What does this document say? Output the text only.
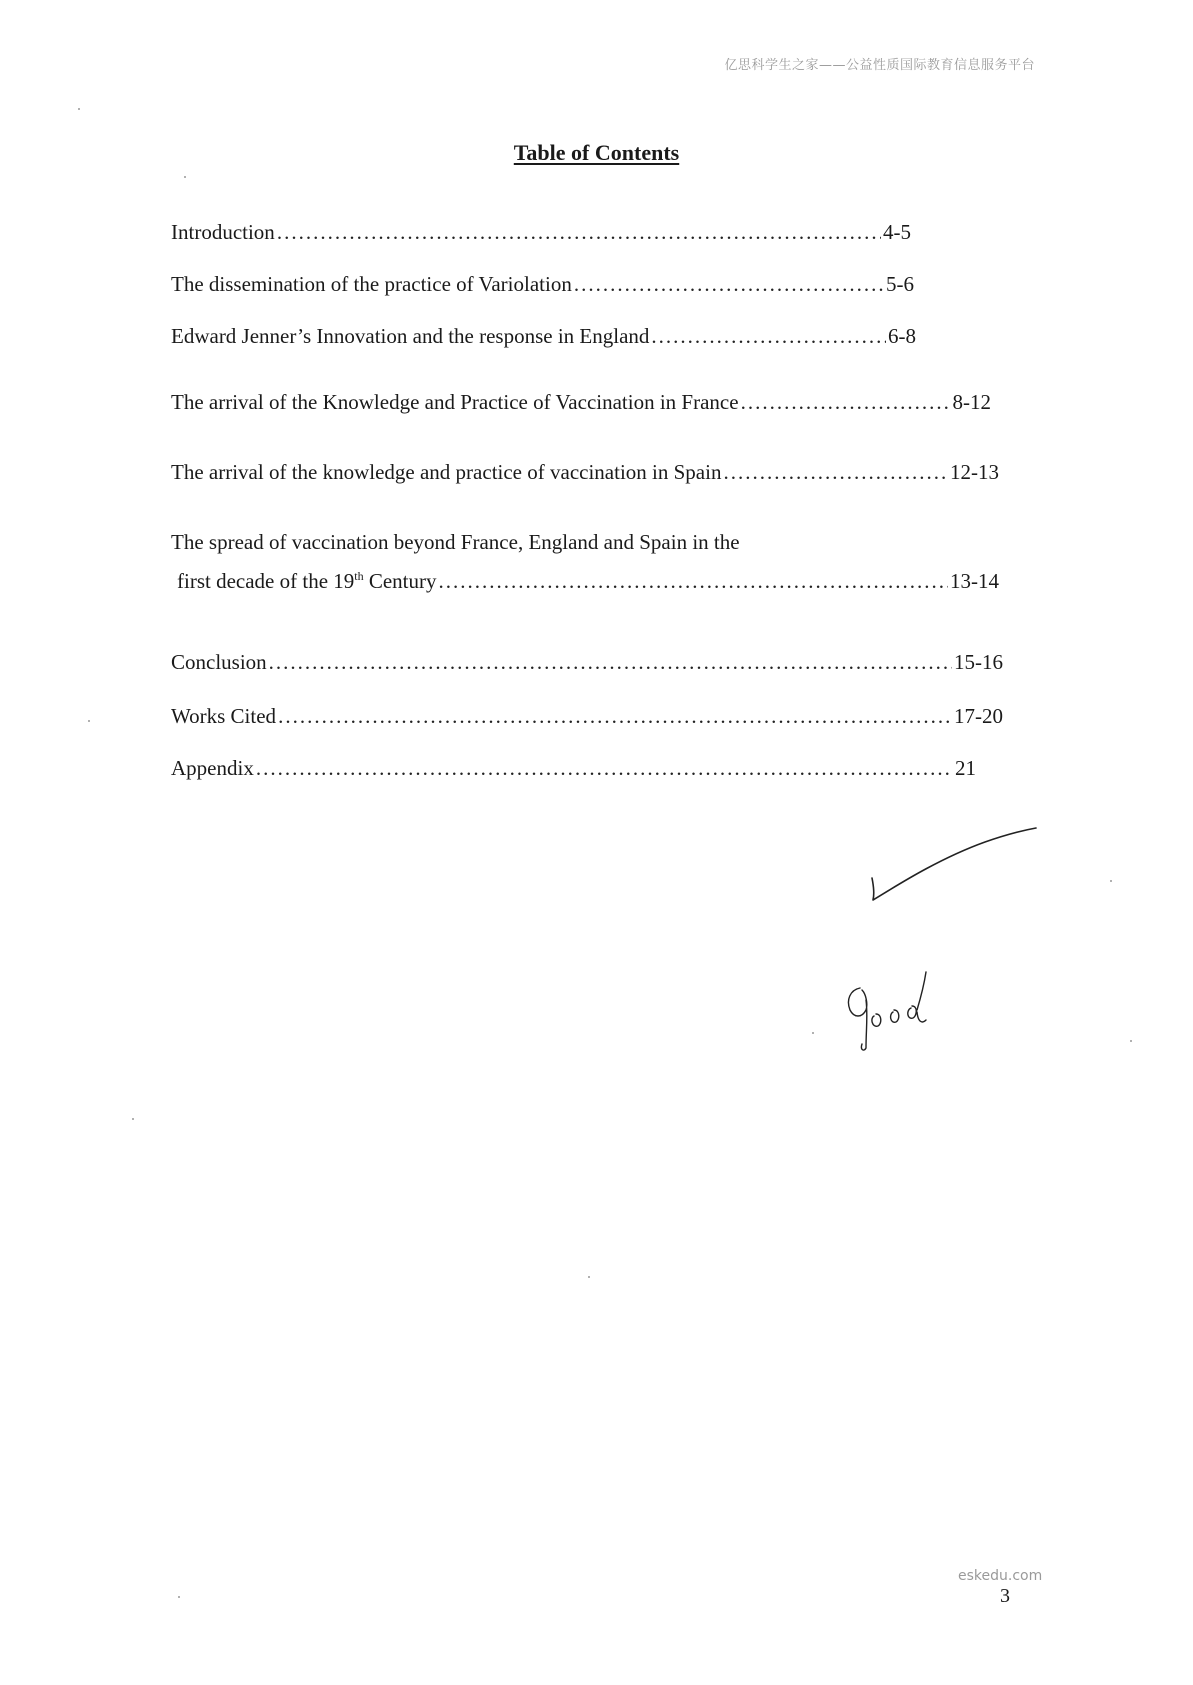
亿思科学生之家——公益性质国际教育信息服务平台
Table of Contents
Introduction .....	4-5
The dissemination of the practice of Variolation .....	5-6
Edward Jenner’s Innovation and the response in England .....	6-8
The arrival of the Knowledge and Practice of Vaccination in France .....	8-12
The arrival of the knowledge and practice of vaccination in Spain .....	12-13
The spread of vaccination beyond France, England and Spain in the
first decade of the 19th Century .....	13-14
Conclusion .....	15-16
Works Cited .....	17-20
Appendix .....	21
eskedu.com
3
